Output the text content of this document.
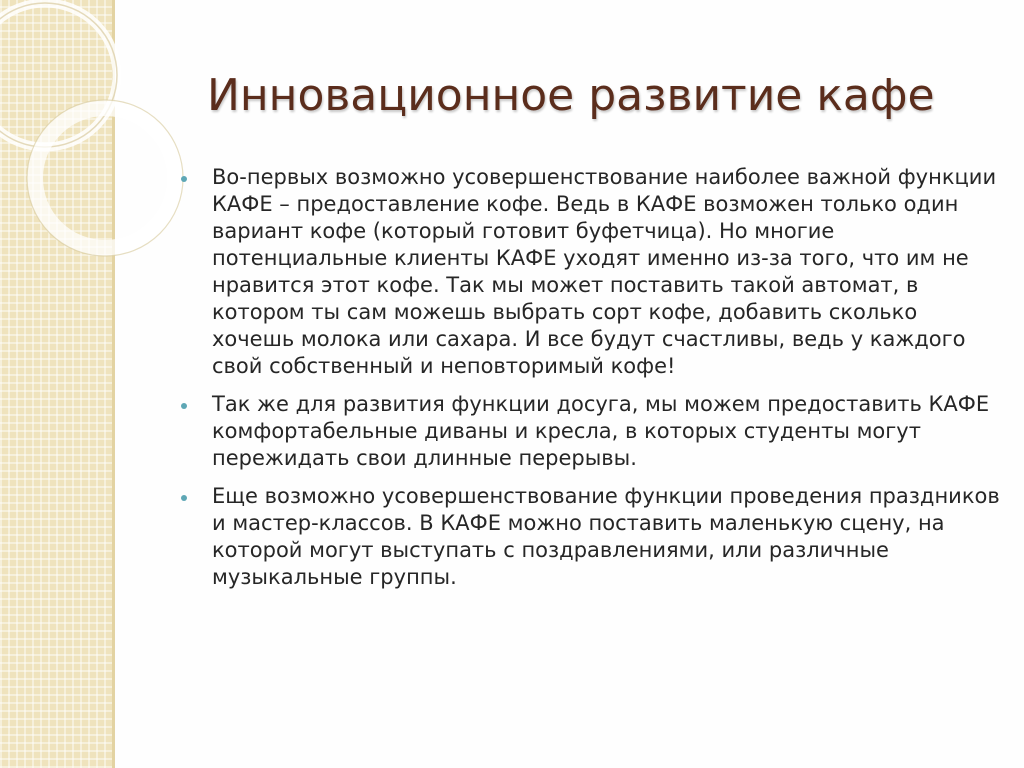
Инновационное развитие кафе
Во-первых возможно усовершенствование наиболее важной функции КАФЕ – предоставление кофе. Ведь в КАФЕ возможен только один вариант кофе (который готовит буфетчица). Но многие потенциальные клиенты КАФЕ уходят именно из-за того, что им не нравится этот кофе. Так мы может поставить такой автомат, в котором ты сам можешь выбрать сорт кофе, добавить сколько хочешь молока или сахара. И все будут счастливы, ведь у каждого свой собственный и неповторимый кофе!
Так же для развития функции досуга, мы можем предоставить КАФЕ комфортабельные диваны и кресла, в которых студенты могут пережидать свои длинные перерывы.
Еще возможно усовершенствование функции проведения праздников и мастер-классов. В КАФЕ можно поставить маленькую сцену, на которой могут выступать с поздравлениями, или различные музыкальные группы.
